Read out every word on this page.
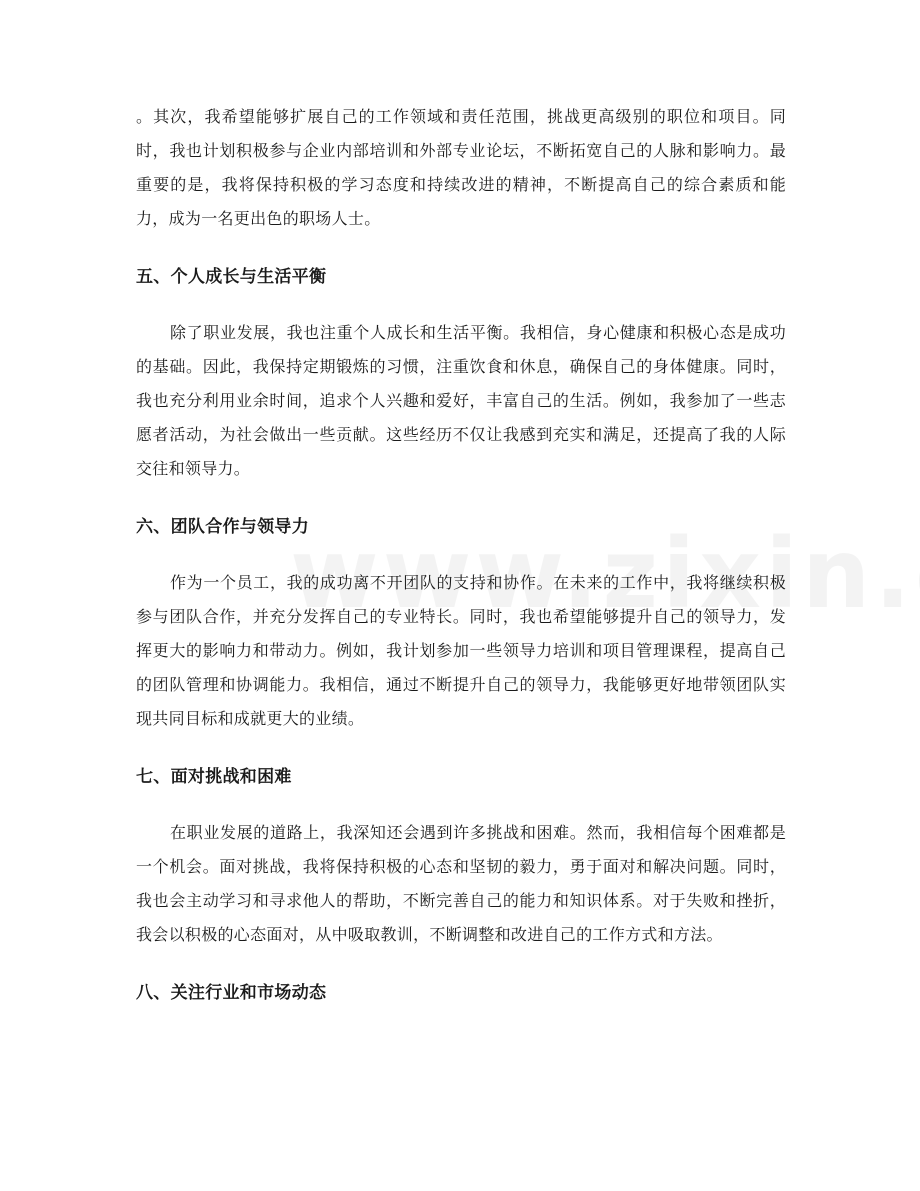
。其次，我希望能够扩展自己的工作领域和责任范围，挑战更高级别的职位和项目。同时，我也计划积极参与企业内部培训和外部专业论坛，不断拓宽自己的人脉和影响力。最重要的是，我将保持积极的学习态度和持续改进的精神，不断提高自己的综合素质和能力，成为一名更出色的职场人士。

五、个人成长与生活平衡

除了职业发展，我也注重个人成长和生活平衡。我相信，身心健康和积极心态是成功的基础。因此，我保持定期锻炼的习惯，注重饮食和休息，确保自己的身体健康。同时，我也充分利用业余时间，追求个人兴趣和爱好，丰富自己的生活。例如，我参加了一些志愿者活动，为社会做出一些贡献。这些经历不仅让我感到充实和满足，还提高了我的人际交往和领导力。

六、团队合作与领导力

作为一个员工，我的成功离不开团队的支持和协作。在未来的工作中，我将继续积极参与团队合作，并充分发挥自己的专业特长。同时，我也希望能够提升自己的领导力，发挥更大的影响力和带动力。例如，我计划参加一些领导力培训和项目管理课程，提高自己的团队管理和协调能力。我相信，通过不断提升自己的领导力，我能够更好地带领团队实现共同目标和成就更大的业绩。

七、面对挑战和困难

在职业发展的道路上，我深知还会遇到许多挑战和困难。然而，我相信每个困难都是一个机会。面对挑战，我将保持积极的心态和坚韧的毅力，勇于面对和解决问题。同时，我也会主动学习和寻求他人的帮助，不断完善自己的能力和知识体系。对于失败和挫折，我会以积极的心态面对，从中吸取教训，不断调整和改进自己的工作方式和方法。

八、关注行业和市场动态
